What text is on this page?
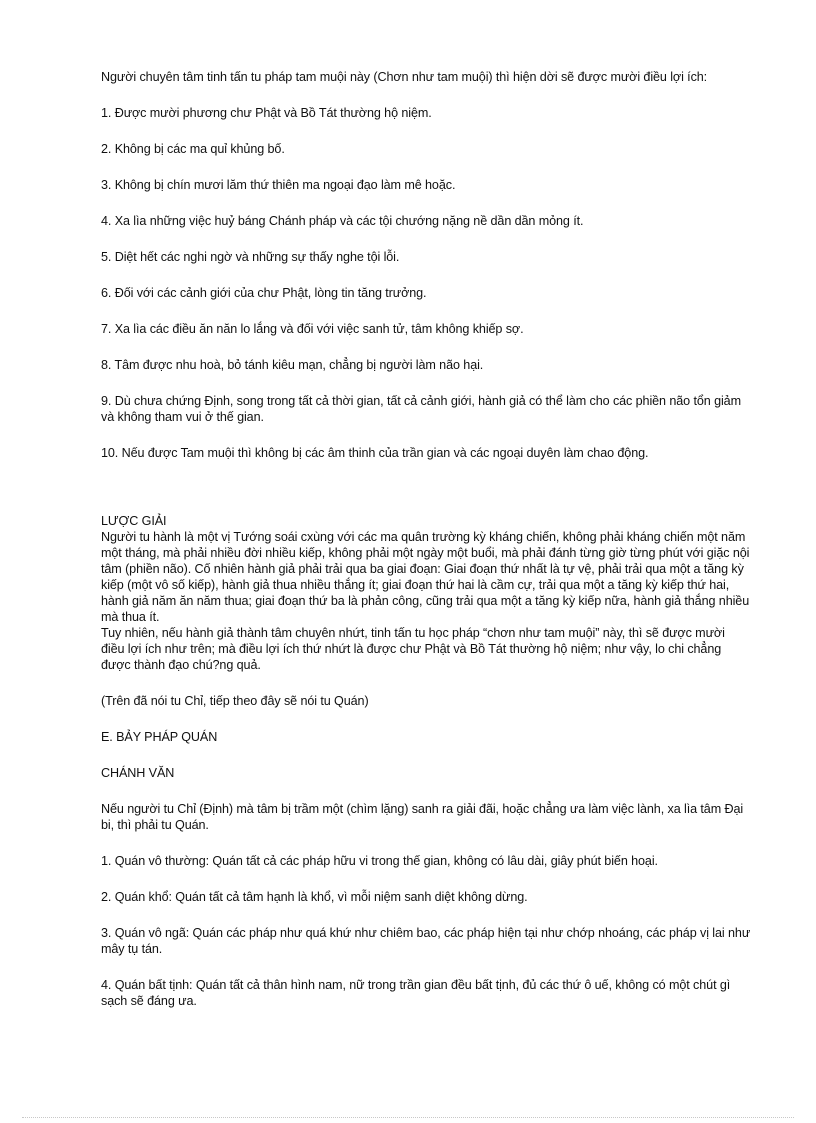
Người chuyên tâm tinh tấn tu pháp tam muội này (Chơn như tam muội) thì hiện dời sẽ được mười điều lợi ích:

1. Được mười phương chư Phật và Bồ Tát thường hộ niệm.

2. Không bị các ma quỉ khủng bố.

3. Không bị chín mươi lăm thứ thiên ma ngoại đạo làm mê hoặc.

4. Xa lìa những việc huỷ báng Chánh pháp và các tội chướng nặng nề dần dần mỏng ít.

5. Diệt hết các nghi ngờ và những sự thấy nghe tội lỗi.

6. Đối với các cảnh giới của chư Phật, lòng tin tăng trưởng.

7. Xa lìa các điều ăn năn lo lắng và đối với việc sanh tử, tâm không khiếp sợ.

8. Tâm được nhu hoà, bỏ tánh kiêu mạn, chẳng bị người làm não hại.

9. Dù chưa chứng Định, song trong tất cả thời gian, tất cả cảnh giới, hành giả có thể làm cho các phiền não tổn giảm và không tham vui ở thế gian.

10. Nếu được Tam muội thì không bị các âm thinh của trần gian và các ngoại duyên làm chao động.

LƯỢC GIẢI

Người tu hành là một vị Tướng soái cxùng với các ma quân trường kỳ kháng chiến, không phải kháng chiến một năm một tháng, mà phải nhiều đời nhiều kiếp, không phải một ngày một buổi, mà phải đánh từng giờ từng phút với giặc nội tâm (phiền não). Cố nhiên hành giả phải trải qua ba giai đoạn: Giai đoạn thứ nhất là tự vệ, phải trải qua một a tăng kỳ kiếp (một vô số kiếp), hành giả thua nhiều thắng ít; giai đoạn thứ hai là cầm cự, trải qua một a tăng kỳ kiếp thứ hai, hành giả năm ăn năm thua; giai đoạn thứ ba là phản công, cũng trải qua một a tăng kỳ kiếp nữa, hành giả thắng nhiều mà thua ít.

Tuy nhiên, nếu hành giả thành tâm chuyên nhứt, tinh tấn tu học pháp “chơn như tam muội” này, thì sẽ được mười điều lợi ích như trên; mà điều lợi ích thứ nhứt là được chư Phật và Bồ Tát thường hộ niệm; như vậy, lo chi chẳng được thành đạo chú?ng quả.

(Trên đã nói tu Chỉ, tiếp theo đây sẽ nói tu Quán)

E. BẢY PHÁP QUÁN

CHÁNH VĂN

Nếu người tu Chỉ (Định) mà tâm bị trầm một (chìm lặng) sanh ra giải đãi, hoặc chẳng ưa làm việc lành, xa lìa tâm Đại bi, thì phải tu Quán.

1. Quán vô thường: Quán tất cả các pháp hữu vi trong thế gian, không có lâu dài, giây phút biến hoại.

2. Quán khổ: Quán tất cả tâm hạnh là khổ, vì mỗi niệm sanh diệt không dừng.

3. Quán vô ngã: Quán các pháp như quá khứ như chiêm bao, các pháp hiện tại như chớp nhoáng, các pháp vị lai như mây tụ tán.

4. Quán bất tịnh: Quán tất cả thân hình nam, nữ trong trần gian đều bất tịnh, đủ các thứ ô uế, không có một chút gì sạch sẽ đáng ưa.
